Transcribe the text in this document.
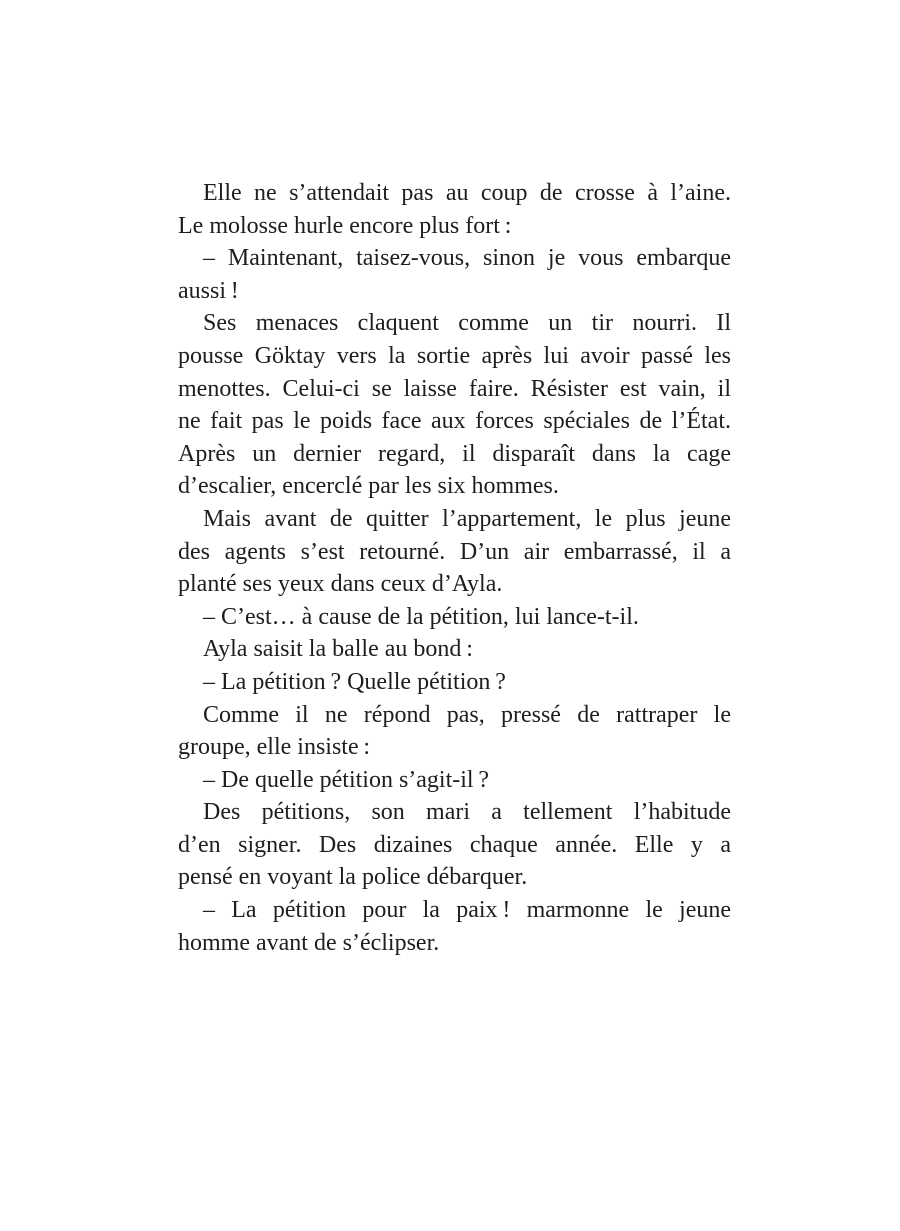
Elle ne s’attendait pas au coup de crosse à l’aine.
Le molosse hurle encore plus fort :
– Maintenant, taisez-vous, sinon je vous embarque
aussi !
Ses menaces claquent comme un tir nourri. Il
pousse Göktay vers la sortie après lui avoir passé les
menottes. Celui-ci se laisse faire. Résister est vain, il
ne fait pas le poids face aux forces spéciales de l’État.
Après un dernier regard, il disparaît dans la cage
d’escalier, encerclé par les six hommes.
Mais avant de quitter l’appartement, le plus jeune
des agents s’est retourné. D’un air embarrassé, il a
planté ses yeux dans ceux d’Ayla.
– C’est… à cause de la pétition, lui lance-t-il.
Ayla saisit la balle au bond :
– La pétition ? Quelle pétition ?
Comme il ne répond pas, pressé de rattraper le
groupe, elle insiste :
– De quelle pétition s’agit-il ?
Des pétitions, son mari a tellement l’habitude
d’en signer. Des dizaines chaque année. Elle y a
pensé en voyant la police débarquer.
– La pétition pour la paix ! marmonne le jeune
homme avant de s’éclipser.
